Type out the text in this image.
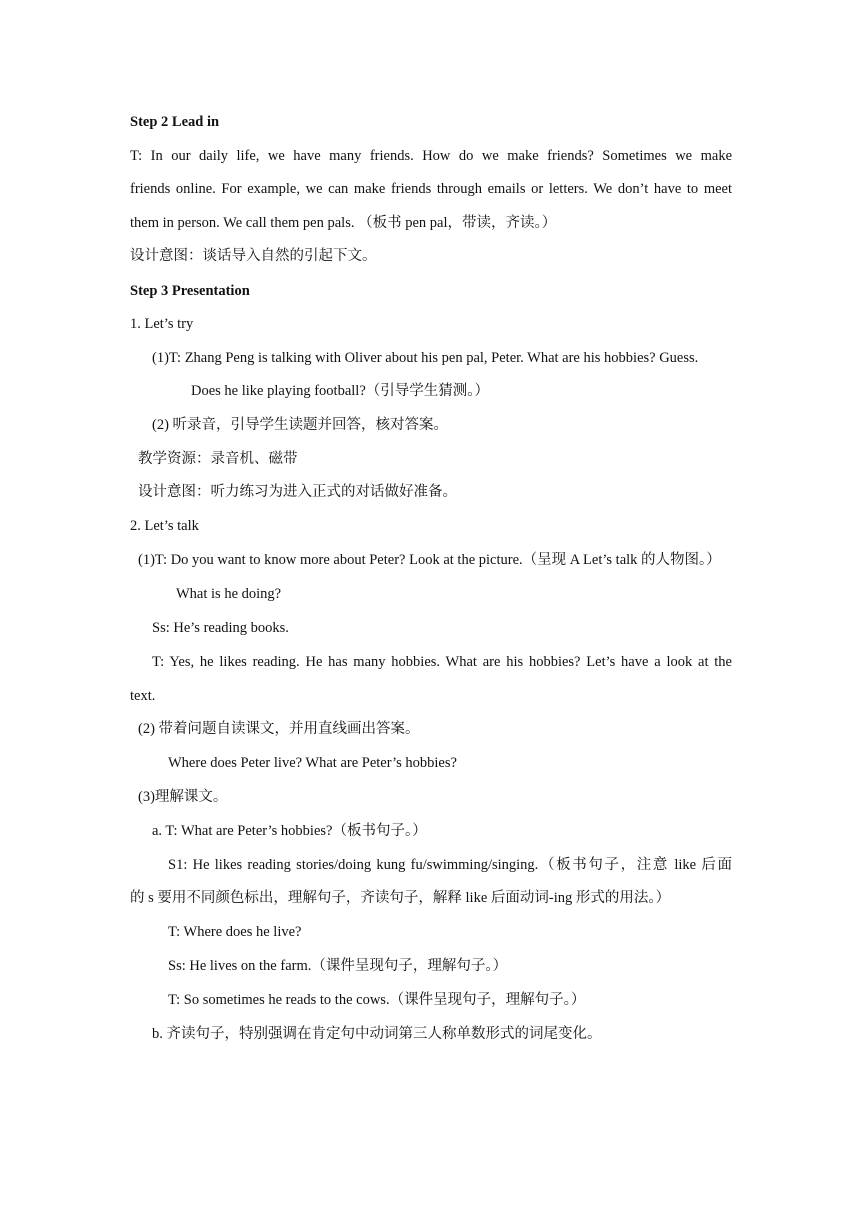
Step 2 Lead in
T: In our daily life, we have many friends. How do we make friends? Sometimes we make
friends online. For example, we can make friends through emails or letters. We don’t have to meet
them in person. We call them pen pals. （板书 pen pal，带读，齐读。）
设计意图：谈话导入自然的引起下文。
Step 3 Presentation
1. Let’s try
(1)T: Zhang Peng is talking with Oliver about his pen pal, Peter. What are his hobbies? Guess.
Does he like playing football?（引导学生猜测。）
(2) 听录音，引导学生读题并回答，核对答案。
教学资源：录音机、磁带
设计意图：听力练习为进入正式的对话做好准备。
2. Let’s talk
(1)T: Do you want to know more about Peter? Look at the picture.（呈现 A Let’s talk 的人物图。）
What is he doing?
Ss: He’s reading books.
T: Yes, he likes reading. He has many hobbies. What are his hobbies? Let’s have a look at the
text.
(2) 带着问题自读课文，并用直线画出答案。
Where does Peter live? What are Peter’s hobbies?
(3)理解课文。
a. T: What are Peter’s hobbies?（板书句子。）
S1: He likes reading stories/doing kung fu/swimming/singing.（板书句子，注意 like 后面
的 s 要用不同颜色标出，理解句子，齐读句子，解释 like 后面动词-ing 形式的用法。）
T: Where does he live?
Ss: He lives on the farm.（课件呈现句子，理解句子。）
T: So sometimes he reads to the cows.（课件呈现句子，理解句子。）
b. 齐读句子，特别强调在肯定句中动词第三人称单数形式的词尾变化。
